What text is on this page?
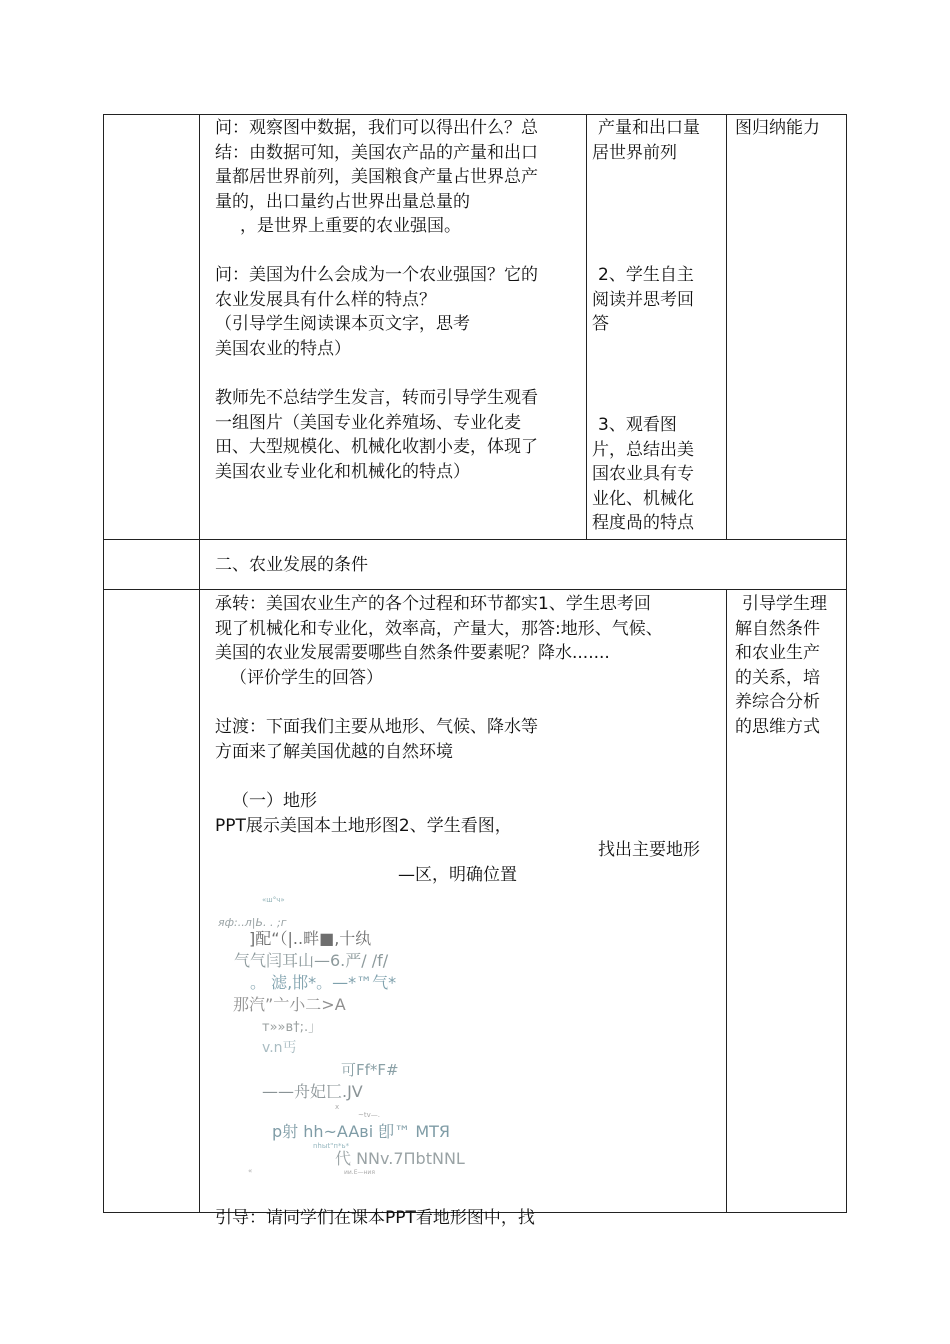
问：观察图中数据，我们可以得出什么？总
结：由数据可知，美国农产品的产量和出口
量都居世界前列，美国粮食产量占世界总产
量的，出口量约占世界出量总量的
，是世界上重要的农业强国。
问：美国为什么会成为一个农业强国？它的
农业发展具有什么样的特点？
（引导学生阅读课本页文字，思考
美国农业的特点）
教师先不总结学生发言，转而引导学生观看
一组图片（美国专业化养殖场、专业化麦
田、大型规模化、机械化收割小麦，体现了
美国农业专业化和机械化的特点）
产量和出口量
居世界前列
2、学生自主
阅读并思考回
答
3、观看图
片，总结出美
国农业具有专
业化、机械化
程度咼的特点
图归纳能力
二、农业发展的条件
承转：美国农业生产的各个过程和环节都实1、学生思考回
现了机械化和专业化，效率高，产量大，那答:地形、气候、
美国的农业发展需要哪些自然条件要素呢？降水.......
（评价学生的回答）
过渡：下面我们主要从地形、气候、降水等
方面来了解美国优越的自然环境
（一）地形
PPT展示美国本土地形图2、学生看图，
找出主要地形
—区，明确位置
引导学生理
解自然条件
和农业生产
的关系，培
养综合分析
的思维方式
«ш°ч»
яф:..л|Ь. . ;г
]配“（|..畔■,十纨
气气闫耳山—6.严/ /f/
。 滤,邯*。—*™气*
那汽”亠小二>A
т»»в†;.」
v.n丐
可Ff*F#
——舟妃匸.JV
x
~tv—.
p射 hh~AAвi 卽™ МТЯ
nhыt"п*ь*
代 NNv.7ПbtNNL
«	ии.Е—ния
引导：请同学们在课本PPT看地形图中，找
